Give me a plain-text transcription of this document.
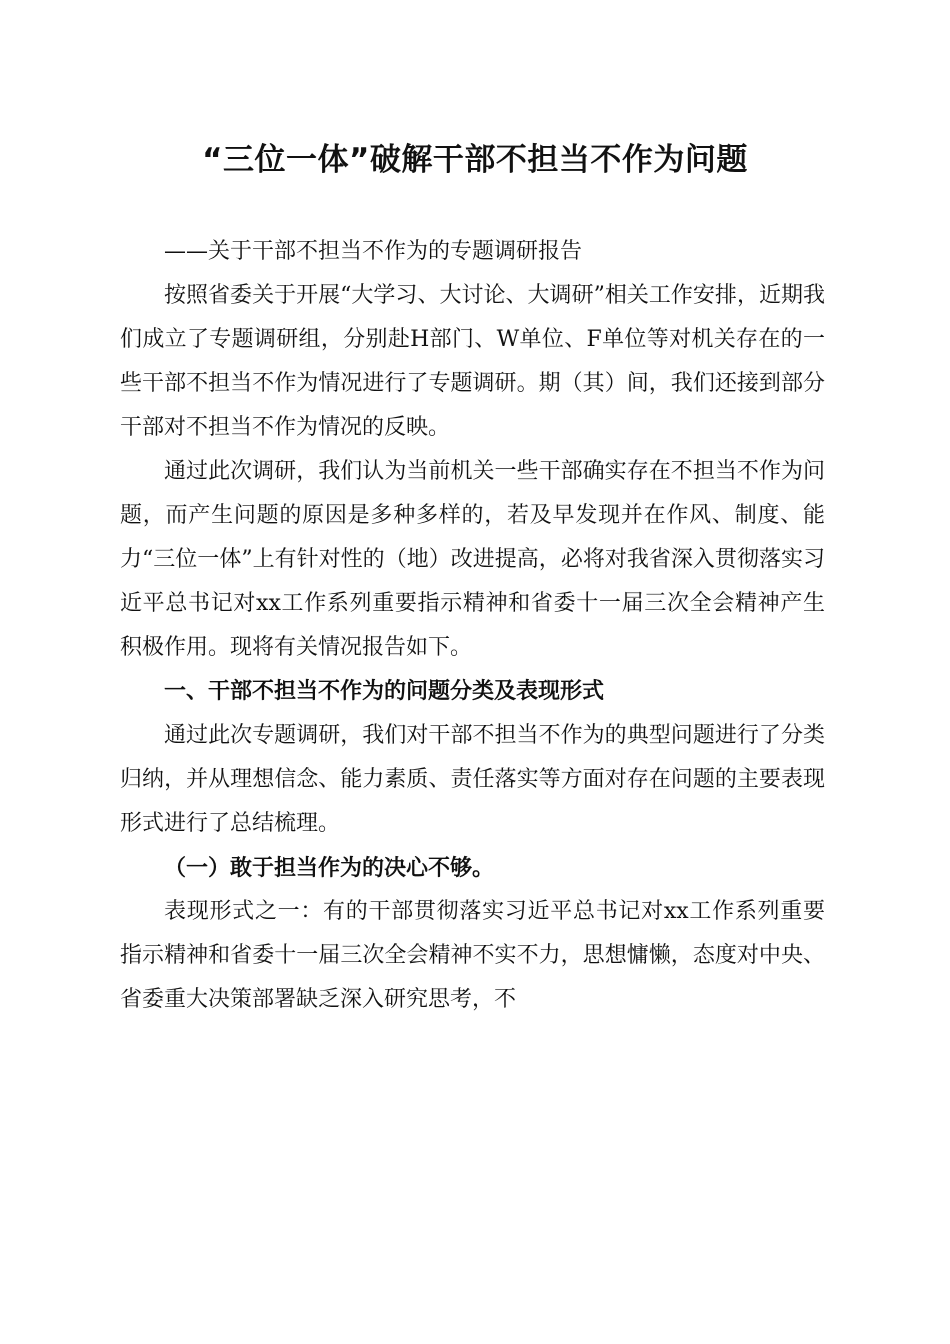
“三位一体”破解干部不担当不作为问题

——关于干部不担当不作为的专题调研报告

按照省委关于开展“大学习、大讨论、大调研”相关工作安排，近期我们成立了专题调研组，分别赴H部门、W单位、F单位等对机关存在的一些干部不担当不作为情况进行了专题调研。期（其）间，我们还接到部分干部对不担当不作为情况的反映。

通过此次调研，我们认为当前机关一些干部确实存在不担当不作为问题，而产生问题的原因是多种多样的，若及早发现并在作风、制度、能力“三位一体”上有针对性的（地）改进提高，必将对我省深入贯彻落实习近平总书记对xx工作系列重要指示精神和省委十一届三次全会精神产生积极作用。现将有关情况报告如下。

一、干部不担当不作为的问题分类及表现形式

通过此次专题调研，我们对干部不担当不作为的典型问题进行了分类归纳，并从理想信念、能力素质、责任落实等方面对存在问题的主要表现形式进行了总结梳理。

（一）敢于担当作为的决心不够。

表现形式之一：有的干部贯彻落实习近平总书记对xx工作系列重要指示精神和省委十一届三次全会精神不实不力，思想慵懒，态度对中央、省委重大决策部署缺乏深入研究思考，不
